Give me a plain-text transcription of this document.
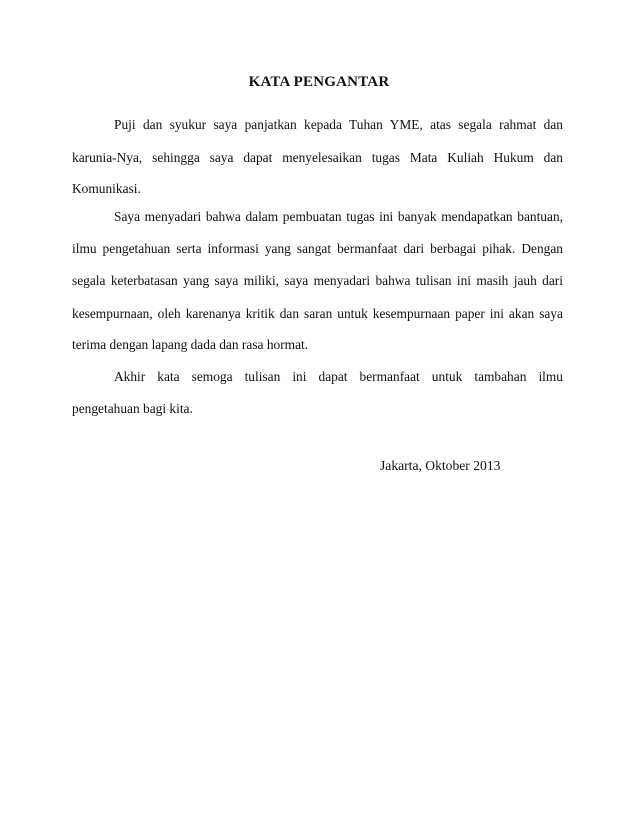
KATA PENGANTAR
Puji dan syukur saya panjatkan kepada Tuhan YME, atas segala rahmat dan
karunia-Nya, sehingga saya dapat menyelesaikan tugas Mata Kuliah Hukum dan
Komunikasi.
Saya menyadari bahwa dalam pembuatan tugas ini banyak mendapatkan bantuan,
ilmu pengetahuan serta informasi yang sangat bermanfaat dari berbagai pihak. Dengan
segala keterbatasan yang saya miliki, saya menyadari bahwa tulisan ini masih jauh dari
kesempurnaan, oleh karenanya kritik dan saran untuk kesempurnaan paper ini akan saya
terima dengan lapang dada dan rasa hormat.
Akhir kata semoga tulisan ini dapat bermanfaat untuk tambahan ilmu
pengetahuan bagi kita.
Jakarta, Oktober 2013
